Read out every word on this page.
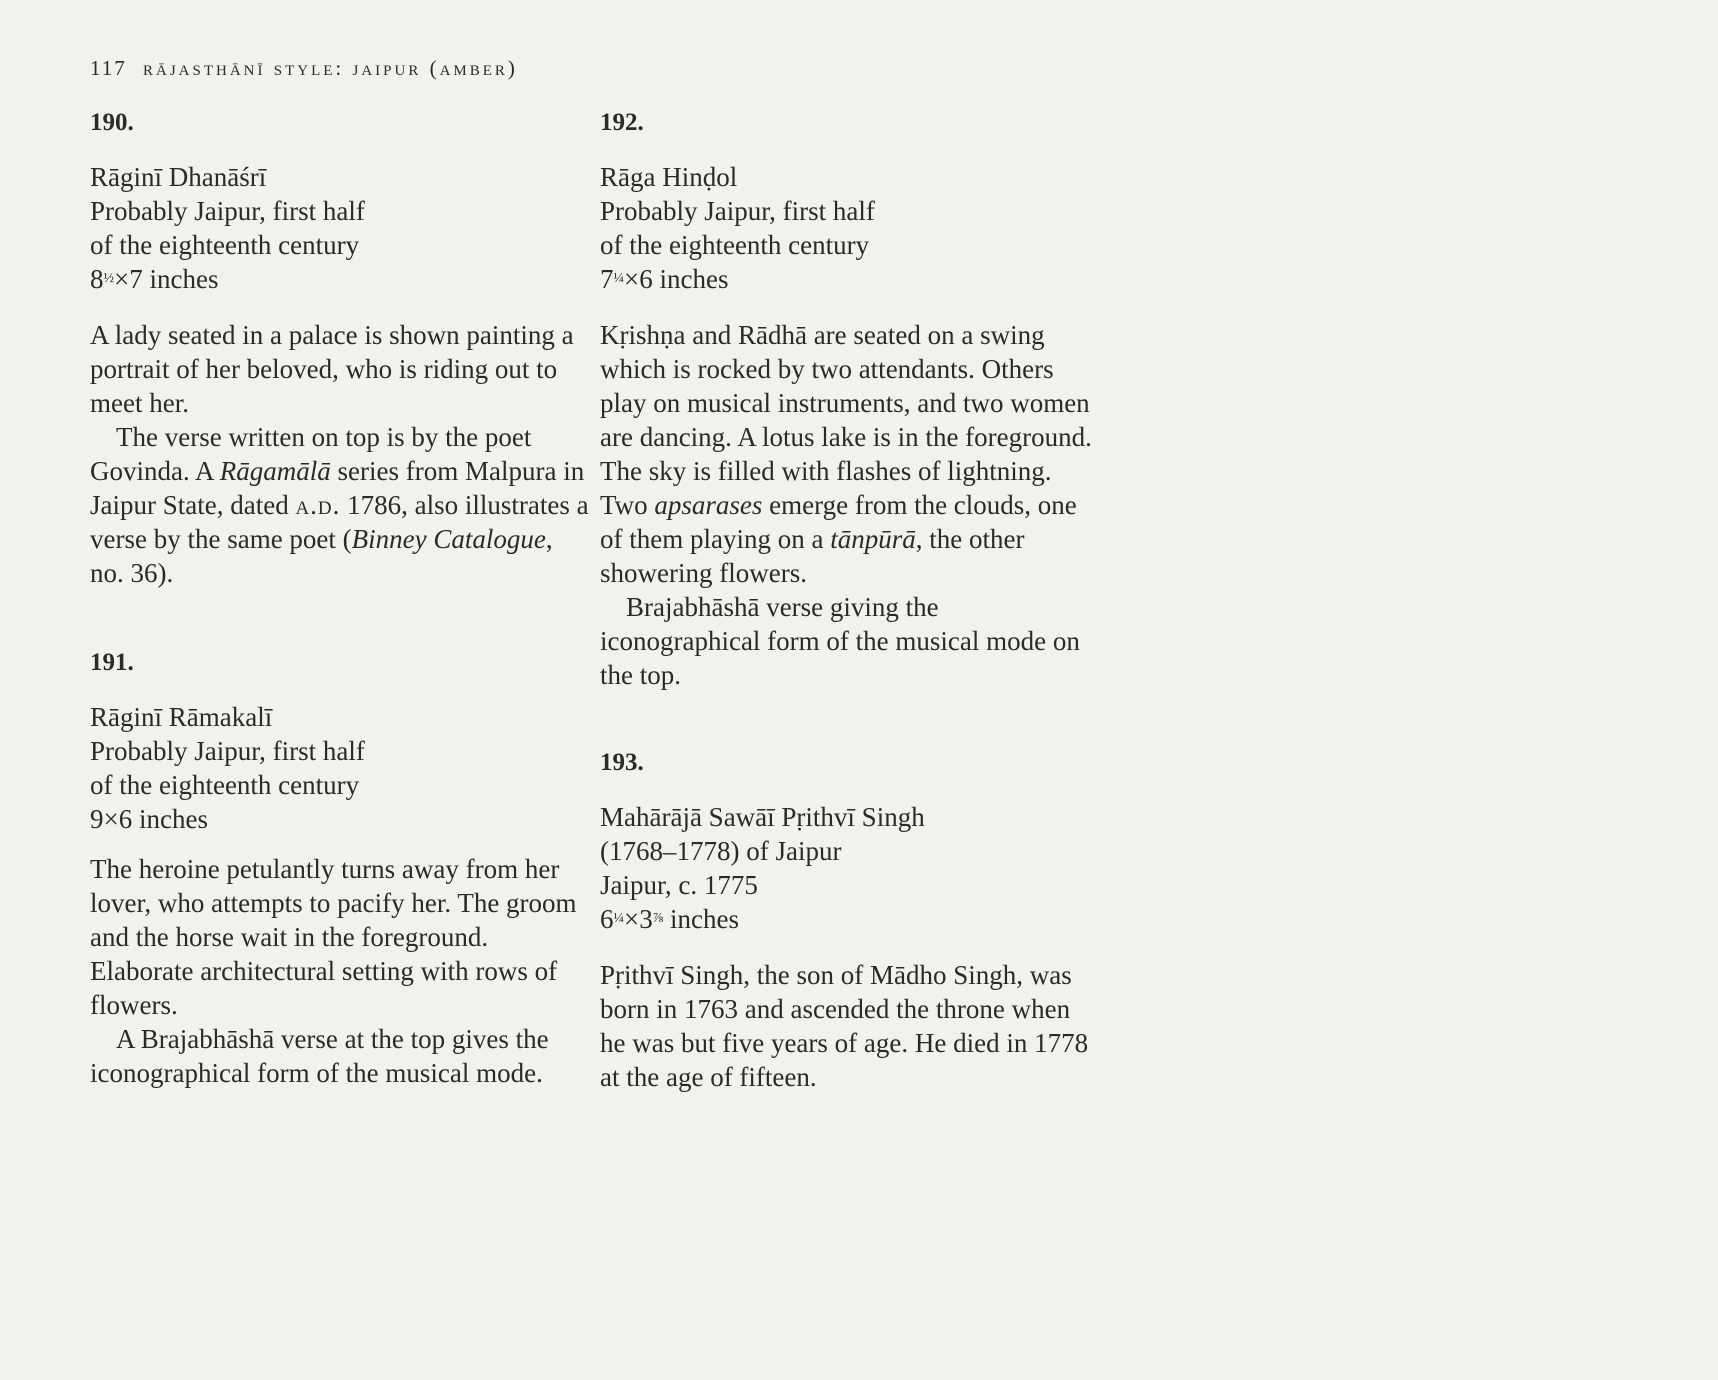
117 rājasthānī style: jaipur (amber)
190.
Rāginī Dhanāśrī
Probably Jaipur, first half
of the eighteenth century
$8^{\frac{1}{2}}\times 7$ inches

A lady seated in a palace is shown painting a portrait of her beloved, who is riding out to meet her.

The verse written on top is by the poet Govinda. A Rāgamālā series from Malpura in Jaipur State, dated a.d. 1786, also illustrates a verse by the same poet (Binney Catalogue, no. 36).

191.
Rāginī Rāmakalī
Probably Jaipur, first half
of the eighteenth century
9×6 inches

The heroine petulantly turns away from her lover, who attempts to pacify her. The groom and the horse wait in the foreground. Elaborate architectural setting with rows of flowers.

A Brajabhāshā verse at the top gives the iconographical form of the musical mode.

192.
Rāga Hinḍol
Probably Jaipur, first half
of the eighteenth century
$7^{\frac{1}{4}}\times 6$ inches

Kṛishṇa and Rādhā are seated on a swing which is rocked by two attendants. Others play on musical instruments, and two women are dancing. A lotus lake is in the foreground. The sky is filled with flashes of lightning. Two apsarases emerge from the clouds, one of them playing on a tānpūrā, the other showering flowers.

Brajabhāshā verse giving the iconographical form of the musical mode on the top.

193.
Mahārājā Sawāī Pṛithvī Singh
(1768–1778) of Jaipur
Jaipur, c. 1775
$6^{\frac{1}{4}}\times 3^{\frac{7}{8}}$ inches

Pṛithvī Singh, the son of Mādho Singh, was born in 1763 and ascended the throne when he was but five years of age. He died in 1778 at the age of fifteen.
